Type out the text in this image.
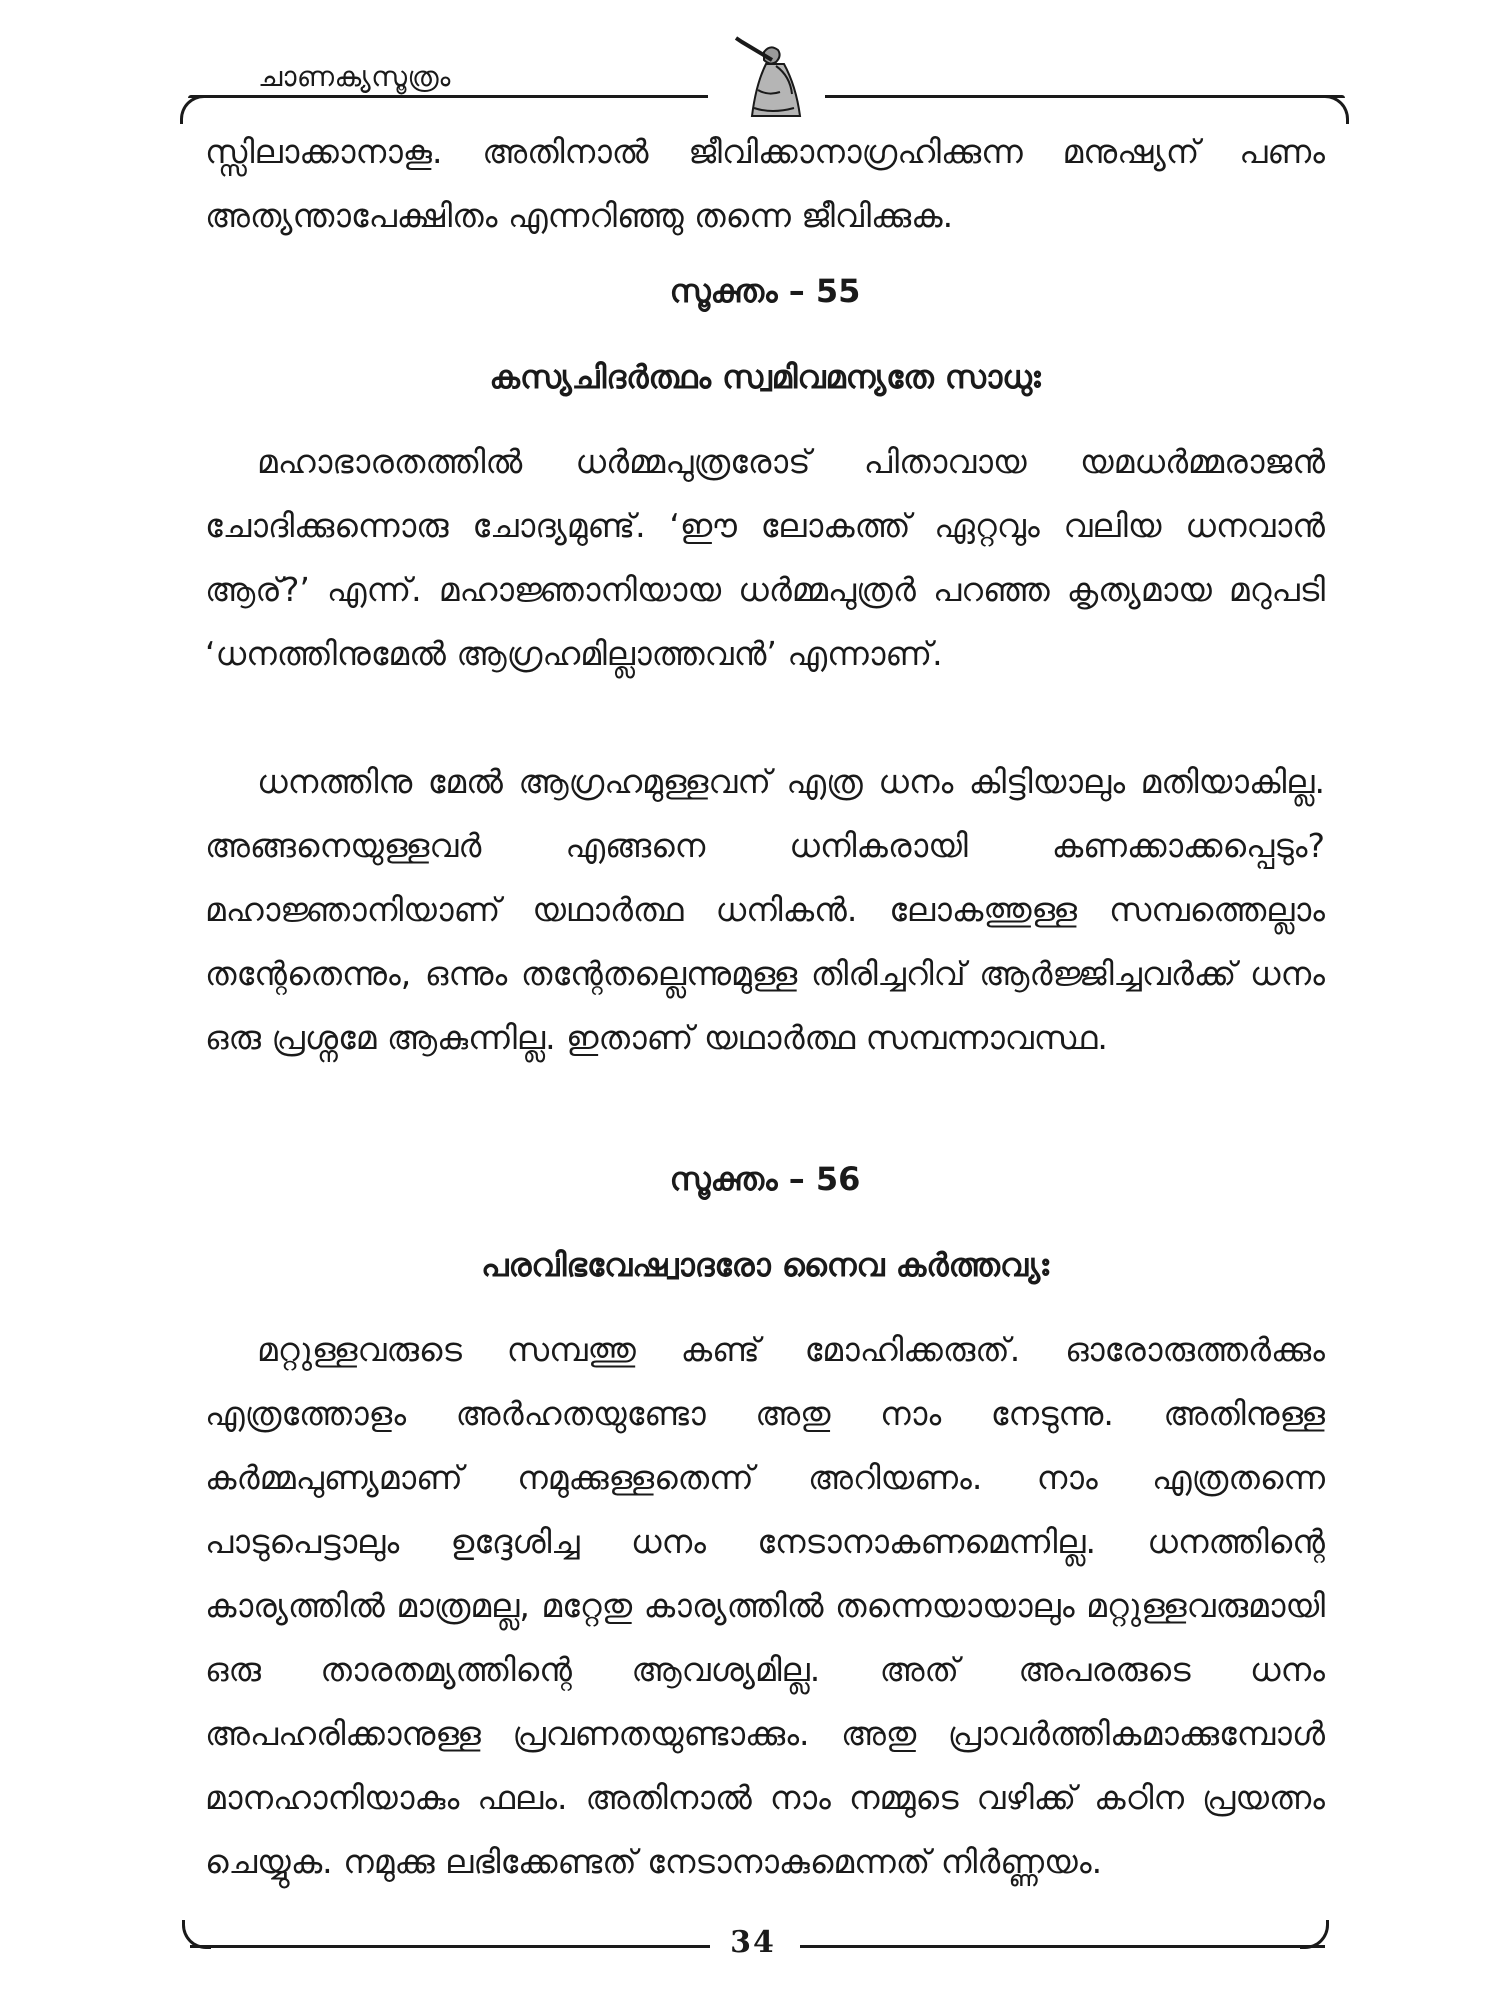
ചാണക്യസൂത്രം

സ്സിലാക്കാനാകൂ. അതിനാൽ ജീവിക്കാനാഗ്രഹിക്കുന്ന മനുഷ്യന് പണം അത്യന്താപേക്ഷിതം എന്നറിഞ്ഞു തന്നെ ജീവിക്കുക.

സൂക്തം – 55
കസ്യചിദർത്ഥം സ്വമിവമന്യതേ സാധുഃ

മഹാഭാരതത്തിൽ ധർമ്മപുത്രരോട് പിതാവായ യമധർമ്മരാജൻ ചോദിക്കുന്നൊരു ചോദ്യമുണ്ട്. ‘ഈ ലോകത്ത് ഏറ്റവും വലിയ ധനവാൻ ആര്?’ എന്ന്. മഹാജ്ഞാനിയായ ധർമ്മപുത്രർ പറഞ്ഞ കൃത്യമായ മറുപടി ‘ധനത്തിനുമേൽ ആഗ്രഹമില്ലാത്തവൻ’ എന്നാണ്.

ധനത്തിനു മേൽ ആഗ്രഹമുള്ളവന് എത്ര ധനം കിട്ടിയാലും മതിയാകില്ല. അങ്ങനെയുള്ളവർ എങ്ങനെ ധനികരായി കണക്കാക്കപ്പെടും? മഹാജ്ഞാനിയാണ് യഥാർത്ഥ ധനികൻ. ലോകത്തുള്ള സമ്പത്തെല്ലാം തന്റേതെന്നും, ഒന്നും തന്റേതല്ലെന്നുമുള്ള തിരിച്ചറിവ് ആർജ്ജിച്ചവർക്ക് ധനം ഒരു പ്രശ്നമേ ആകുന്നില്ല. ഇതാണ് യഥാർത്ഥ സമ്പന്നാവസ്ഥ.

സൂക്തം – 56
പരവിഭവേഷ്വാദരോ നൈവ കർത്തവ്യഃ

മറ്റുള്ളവരുടെ സമ്പത്തു കണ്ട് മോഹിക്കരുത്. ഓരോരുത്തർക്കും എത്രത്തോളം അർഹതയുണ്ടോ അതു നാം നേടുന്നു. അതിനുള്ള കർമ്മപുണ്യമാണ് നമുക്കുള്ളതെന്ന് അറിയണം. നാം എത്രതന്നെ പാടുപെട്ടാലും ഉദ്ദേശിച്ച ധനം നേടാനാകണമെന്നില്ല. ധനത്തിന്റെ കാര്യത്തിൽ മാത്രമല്ല, മറ്റേതു കാര്യത്തിൽ തന്നെയായാലും മറ്റുള്ളവരുമായി ഒരു താരതമ്യത്തിന്റെ ആവശ്യമില്ല. അത് അപരരുടെ ധനം അപഹരിക്കാനുള്ള പ്രവണതയുണ്ടാക്കും. അതു പ്രാവർത്തികമാക്കുമ്പോൾ മാനഹാനിയാകും ഫലം. അതിനാൽ നാം നമ്മുടെ വഴിക്ക് കഠിന പ്രയത്നം ചെയ്യുക. നമുക്കു ലഭിക്കേണ്ടത് നേടാനാകുമെന്നത് നിർണ്ണയം.

34
